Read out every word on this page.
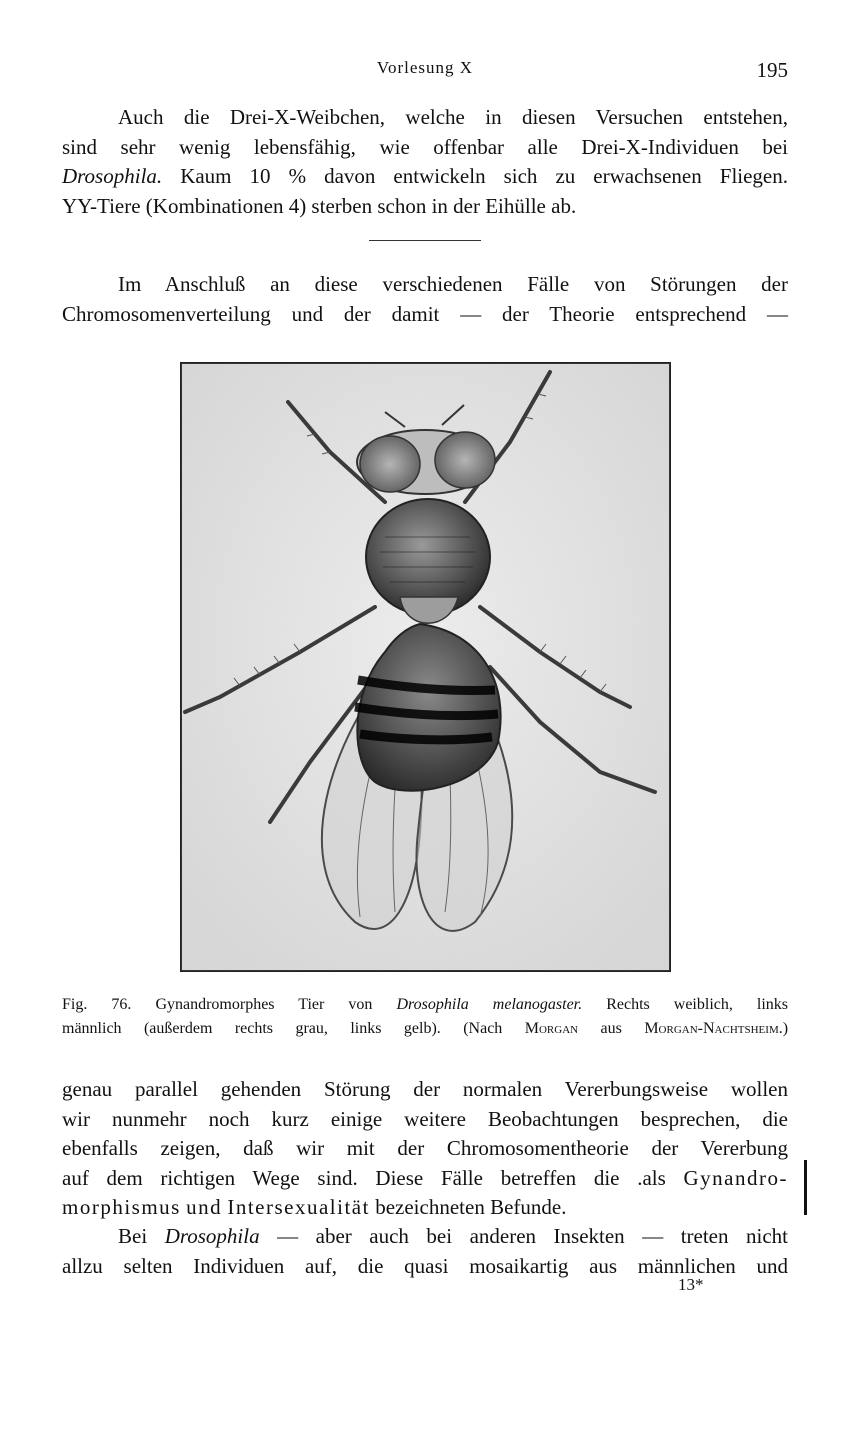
Vorlesung X	195
Auch die Drei-X-Weibchen, welche in diesen Versuchen entstehen,
sind sehr wenig lebensfähig, wie offenbar alle Drei-X-Individuen bei
Drosophila. Kaum 10 % davon entwickeln sich zu erwachsenen Fliegen.
YY-Tiere (Kombinationen 4) sterben schon in der Eihülle ab.
Im Anschluß an diese verschiedenen Fälle von Störungen der
Chromosomenverteilung und der damit — der Theorie entsprechend —
Fig. 76. Gynandromorphes Tier von Drosophila melanogaster. Rechts weiblich, links
männlich (außerdem rechts grau, links gelb). (Nach Morgan aus Morgan-Nachtsheim.)
genau parallel gehenden Störung der normalen Vererbungsweise wollen
wir nunmehr noch kurz einige weitere Beobachtungen besprechen, die
ebenfalls zeigen, daß wir mit der Chromosomentheorie der Vererbung
auf dem richtigen Wege sind. Diese Fälle betreffen die .als Gynandro-
morphismus und Intersexualität bezeichneten Befunde.
Bei Drosophila — aber auch bei anderen Insekten — treten nicht
allzu selten Individuen auf, die quasi mosaikartig aus männlichen und
13*
